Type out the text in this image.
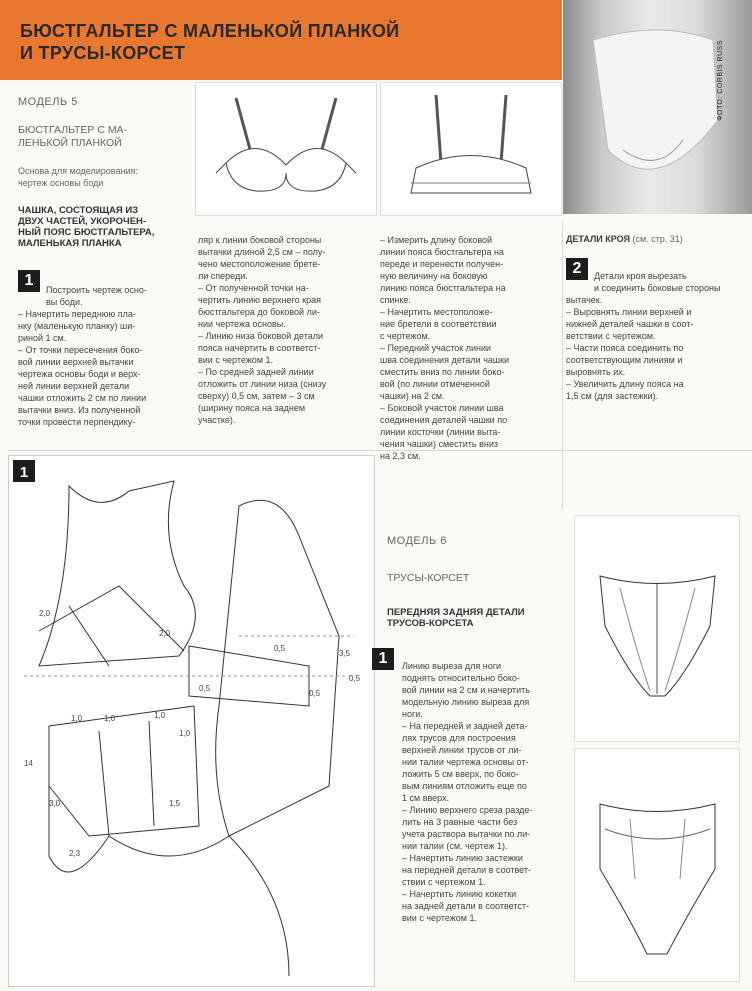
БЮСТГАЛЬТЕР С МАЛЕНЬКОЙ ПЛАНКОЙ
И ТРУСЫ-КОРСЕТ	ФОТО: CORBIS RUSS
МОДЕЛЬ 5
БЮСТГАЛЬТЕР С МА-
ЛЕНЬКОЙ ПЛАНКОЙ
Основа для моделирования:
чертеж основы боди
ЧАШКА, СОСТОЯЩАЯ ИЗ
ДВУХ ЧАСТЕЙ, УКОРОЧЕН-
НЫЙ ПОЯС БЮСТГАЛЬТЕРА,
МАЛЕНЬКАЯ ПЛАНКА
1
Построить чертеж осно-
вы боди.
– Начертить переднюю пла-
нку (маленькую планку) ши-
риной 1 см.
– От точки пересечения боко-
вой линии верхней вытачки
чертежа основы боди и верх-
ней линии верхней детали
чашки отложить 2 см по линии
вытачки вниз. Из полученной
точки провести перпендику-
ляр к линии боковой стороны
вытачки длиной 2,5 см – полу-
чено местоположение брете-
ли спереди.
– От полученной точки на-
чертить линию верхнего края
бюстгальтера до боковой ли-
нии чертежа основы.
– Линию низа боковой детали
пояса начертить в соответст-
вии с чертежом 1.
– По средней задней линии
отложить от линии низа (снизу
сверху) 0,5 см, затем – 3 см
(ширину пояса на заднем
участке).
– Измерить длину боковой
линии пояса бюстгальтера на
переде и перенести получен-
ную величину на боковую
линию пояса бюстгальтера на
спинке.
– Начертить местоположе-
ние бретели в соответствии
с чертежом.
– Передний участок линии
шва соединения детали чашки
сместить вниз по линии боко-
вой (по линии отмеченной
чашки) на 2 см.
– Боковой участок линии шва
соединения деталей чашки по
линии косточки (линии выта-
чения чашки) сместить вниз
на 2,3 см.
ДЕТАЛИ КРОЯ (см. стр. 31)
2	Детали кроя вырезать
и соединить боковые стороны
вытачек.
– Выровнять линии верхней и
нижней деталей чашки в соот-
ветствии с чертежом.
– Части пояса соединить по
соответствующим линиям и
выровнять их.
– Увеличить длину пояса на
1,5 см (для застежки).
1
0,5
1,0	1,0	1,0
1,0
2,3
2,0
2,0
3,0	1,5
3,5
0,5
0,5
0,5
14
МОДЕЛЬ 6
ТРУСЫ-КОРСЕТ
ПЕРЕДНЯЯ ЗАДНЯЯ ДЕТАЛИ
ТРУСОВ-КОРСЕТА
1	Линию выреза для ноги
поднять относительно боко-
вой линии на 2 см и начертить
модельную линию выреза для
ноги.
– На передней и задней дета-
лях трусов для построения
верхней линии трусов от ли-
нии талии чертежа основы от-
ложить 5 см вверх, по боко-
вым линиям отложить еще по
1 см вверх.
– Линию верхнего среза разде-
лить на 3 равные части без
учета раствора вытачки по ли-
нии талии (см. чертеж 1).
– Начертить линию застежки
на передней детали в соответ-
ствии с чертежом 1.
– Начертить линию кокетки
на задней детали в соответст-
вии с чертежом 1.
